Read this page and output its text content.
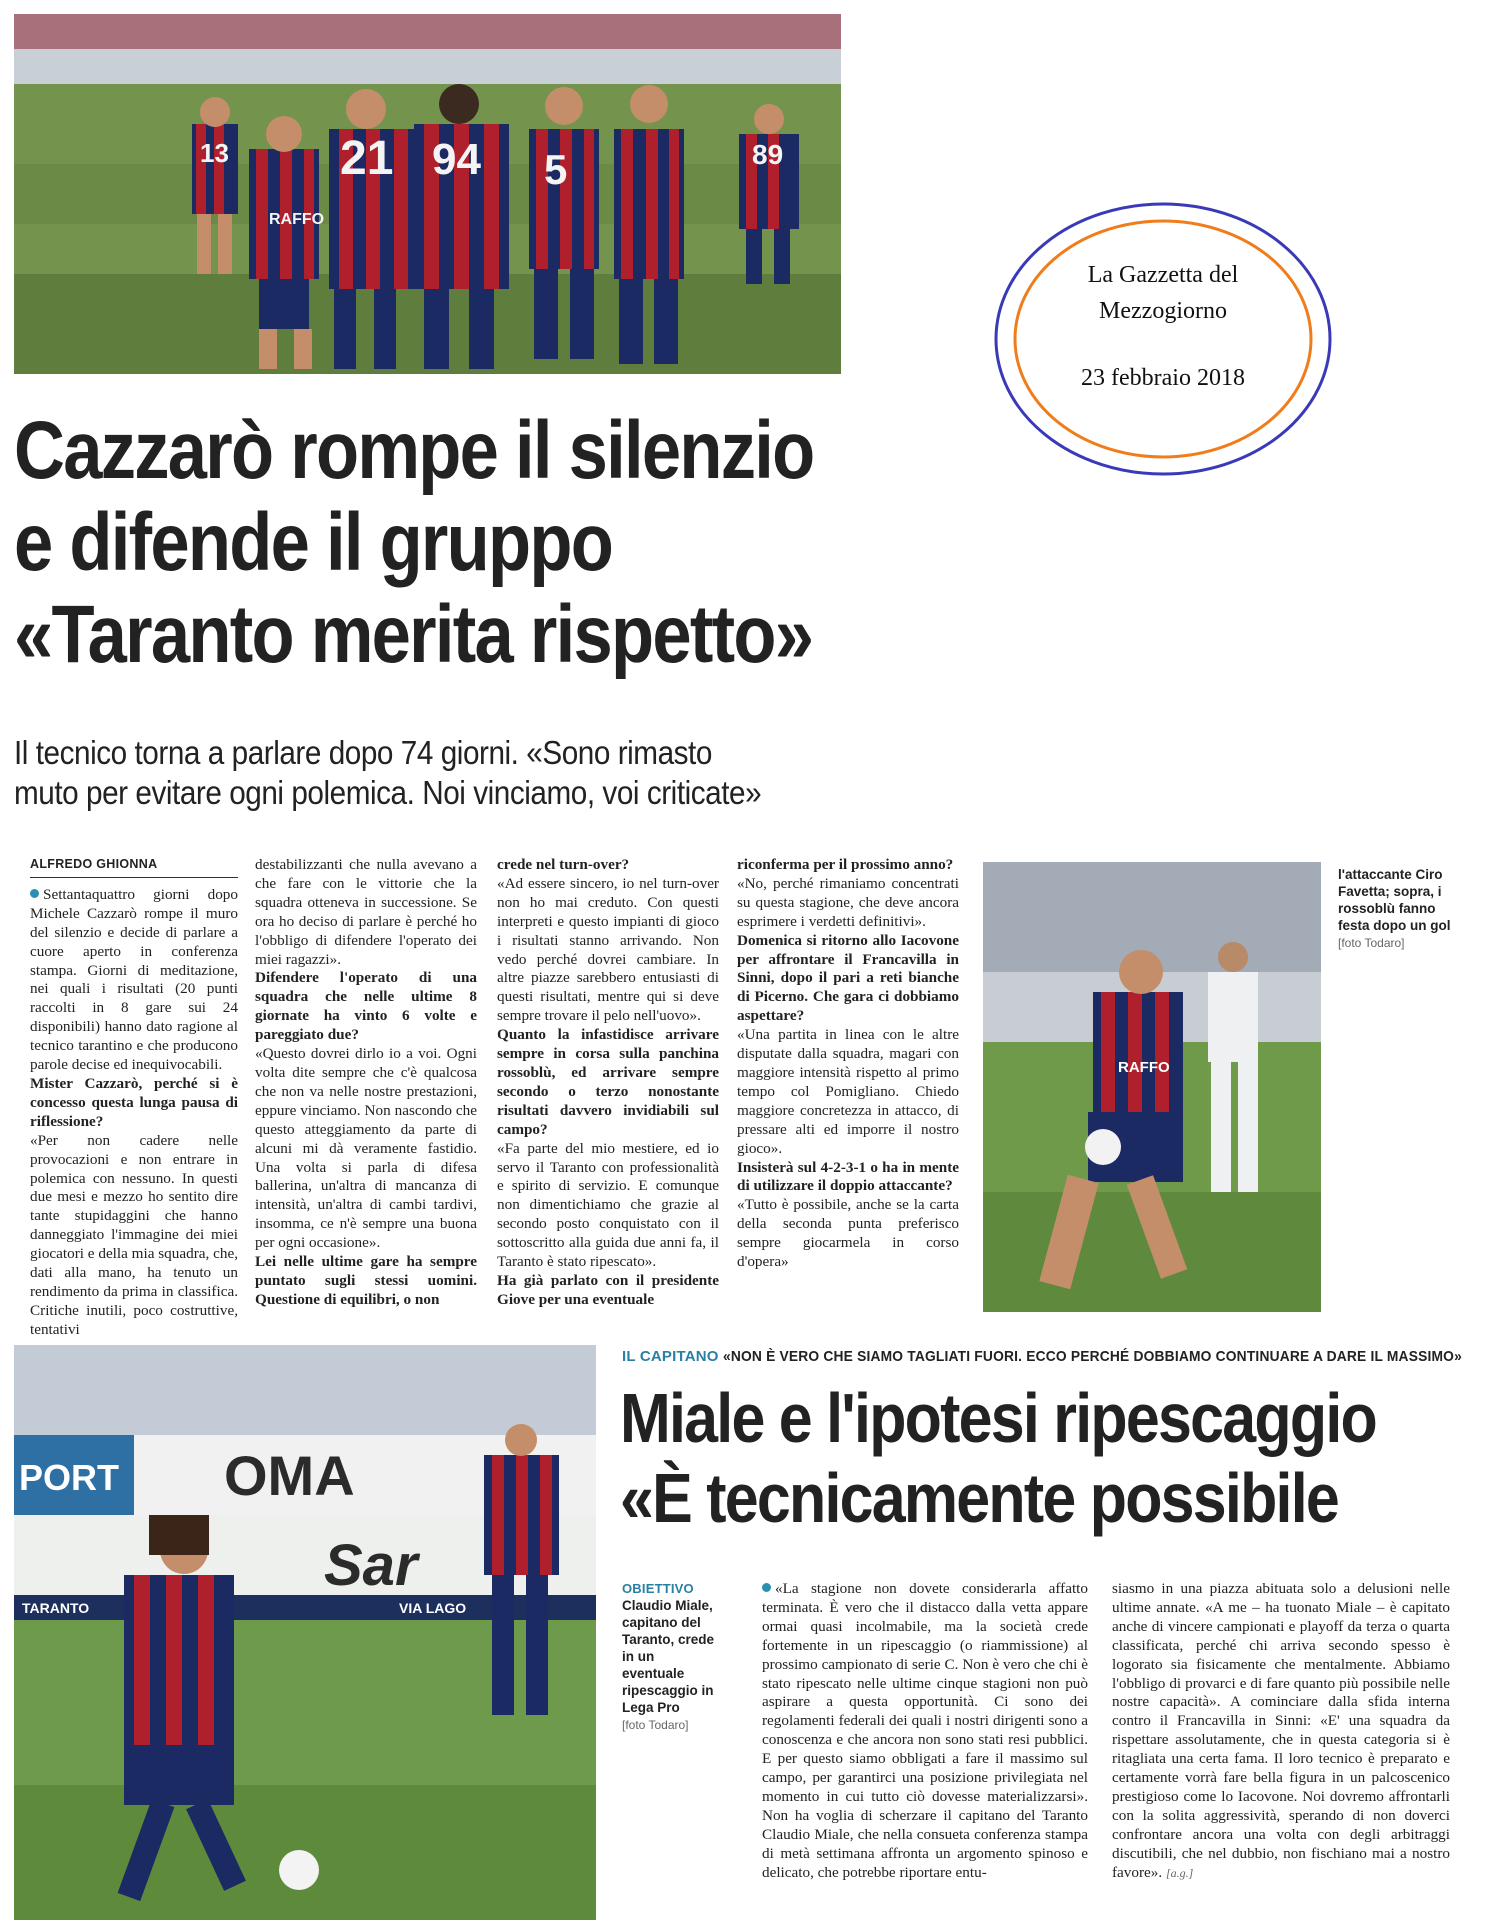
13 21 94 5	89
RAFFO
La Gazzetta del
Mezzogiorno
23 febbraio 2018
Cazzarò rompe il silenzio
e difende il gruppo
«Taranto merita rispetto»
Il tecnico torna a parlare dopo 74 giorni. «Sono rimasto
muto per evitare ogni polemica. Noi vinciamo, voi criticate»
ALFREDO GHIONNA

Settantaquattro giorni dopo Michele Cazzarò rompe il muro del silenzio e decide di parlare a cuore aperto in conferenza stampa. Giorni di meditazione, nei quali i risultati (20 punti raccolti in 8 gare sui 24 disponibili) hanno dato ragione al tecnico tarantino e che producono parole decise ed inequivocabili.

Mister Cazzarò, perché si è concesso questa lunga pausa di riflessione?

«Per non cadere nelle provocazioni e non entrare in polemica con nessuno. In questi due mesi e mezzo ho sentito dire tante stupidaggini che hanno danneggiato l'immagine dei miei giocatori e della mia squadra, che, dati alla mano, ha tenuto un rendimento da prima in classifica. Critiche inutili, poco costruttive, tentativi

destabilizzanti che nulla avevano a che fare con le vittorie che la squadra otteneva in successione. Se ora ho deciso di parlare è perché ho l'obbligo di difendere l'operato dei miei ragazzi».

Difendere l'operato di una squadra che nelle ultime 8 giornate ha vinto 6 volte e pareggiato due?

«Questo dovrei dirlo io a voi. Ogni volta dite sempre che c'è qualcosa che non va nelle nostre prestazioni, eppure vinciamo. Non nascondo che questo atteggiamento da parte di alcuni mi dà veramente fastidio. Una volta si parla di difesa ballerina, un'altra di mancanza di intensità, un'altra di cambi tardivi, insomma, ce n'è sempre una buona per ogni occasione».

Lei nelle ultime gare ha sempre puntato sugli stessi uomini. Questione di equilibri, o non

crede nel turn-over?

«Ad essere sincero, io nel turn-over non ho mai creduto. Con questi interpreti e questo impianti di gioco i risultati stanno arrivando. Non vedo perché dovrei cambiare. In altre piazze sarebbero entusiasti di questi risultati, mentre qui si deve sempre trovare il pelo nell'uovo».

Quanto la infastidisce arrivare sempre in corsa sulla panchina rossoblù, ed arrivare sempre secondo o terzo nonostante risultati davvero invidiabili sul campo?

«Fa parte del mio mestiere, ed io servo il Taranto con professionalità e spirito di servizio. E comunque non dimentichiamo che grazie al secondo posto conquistato con il sottoscritto alla guida due anni fa, il Taranto è stato ripescato».

Ha già parlato con il presidente Giove per una eventuale

riconferma per il prossimo anno?

«No, perché rimaniamo concentrati su questa stagione, che deve ancora esprimere i verdetti definitivi».

Domenica si ritorno allo Iacovone per affrontare il Francavilla in Sinni, dopo il pari a reti bianche di Picerno. Che gara ci dobbiamo aspettare?

«Una partita in linea con le altre disputate dalla squadra, magari con maggiore intensità rispetto al primo tempo col Pomigliano. Chiedo maggiore concretezza in attacco, di pressare alti ed imporre il nostro gioco».

Insisterà sul 4-2-3-1 o ha in mente di utilizzare il doppio attaccante?

«Tutto è possibile, anche se la carta della seconda punta preferisco sempre giocarmela in corso d'opera»

RAFFO
l'attaccante Ciro Favetta; sopra, i rossoblù fanno festa dopo un gol
[foto Todaro]
OMA
PORT
Sar
TARANTO	VIA LAGO
IL CAPITANO «NON È VERO CHE SIAMO TAGLIATI FUORI. ECCO PERCHÉ DOBBIAMO CONTINUARE A DARE IL MASSIMO»
Miale e l'ipotesi ripescaggio
«È tecnicamente possibile
OBIETTIVO
Claudio Miale, capitano del Taranto, crede in un eventuale ripescaggio in Lega Pro
[foto Todaro]

«La stagione non dovete considerarla affatto terminata. È vero che il distacco dalla vetta appare ormai quasi incolmabile, ma la società crede fortemente in un ripescaggio (o riammissione) al prossimo campionato di serie C. Non è vero che chi è stato ripescato nelle ultime cinque stagioni non può aspirare a questa opportunità. Ci sono dei regolamenti federali dei quali i nostri dirigenti sono a conoscenza e che ancora non sono stati resi pubblici. E per questo siamo obbligati a fare il massimo sul campo, per garantirci una posizione privilegiata nel momento in cui tutto ciò dovesse materializzarsi». Non ha voglia di scherzare il capitano del Taranto Claudio Miale, che nella consueta conferenza stampa di metà settimana affronta un argomento spinoso e delicato, che potrebbe riportare entu-

siasmo in una piazza abituata solo a delusioni nelle ultime annate. «A me – ha tuonato Miale – è capitato anche di vincere campionati e playoff da terza o quarta classificata, perché chi arriva secondo spesso è logorato sia fisicamente che mentalmente. Abbiamo l'obbligo di provarci e di fare quanto più possibile nelle nostre capacità». A cominciare dalla sfida interna contro il Francavilla in Sinni: «E' una squadra da rispettare assolutamente, che in questa categoria si è ritagliata una certa fama. Il loro tecnico è preparato e certamente vorrà fare bella figura in un palcoscenico prestigioso come lo Iacovone. Noi dovremo affrontarli con la solita aggressività, sperando di non doverci confrontare ancora una volta con degli arbitraggi discutibili, che nel dubbio, non fischiano mai a nostro favore». [a.g.]
